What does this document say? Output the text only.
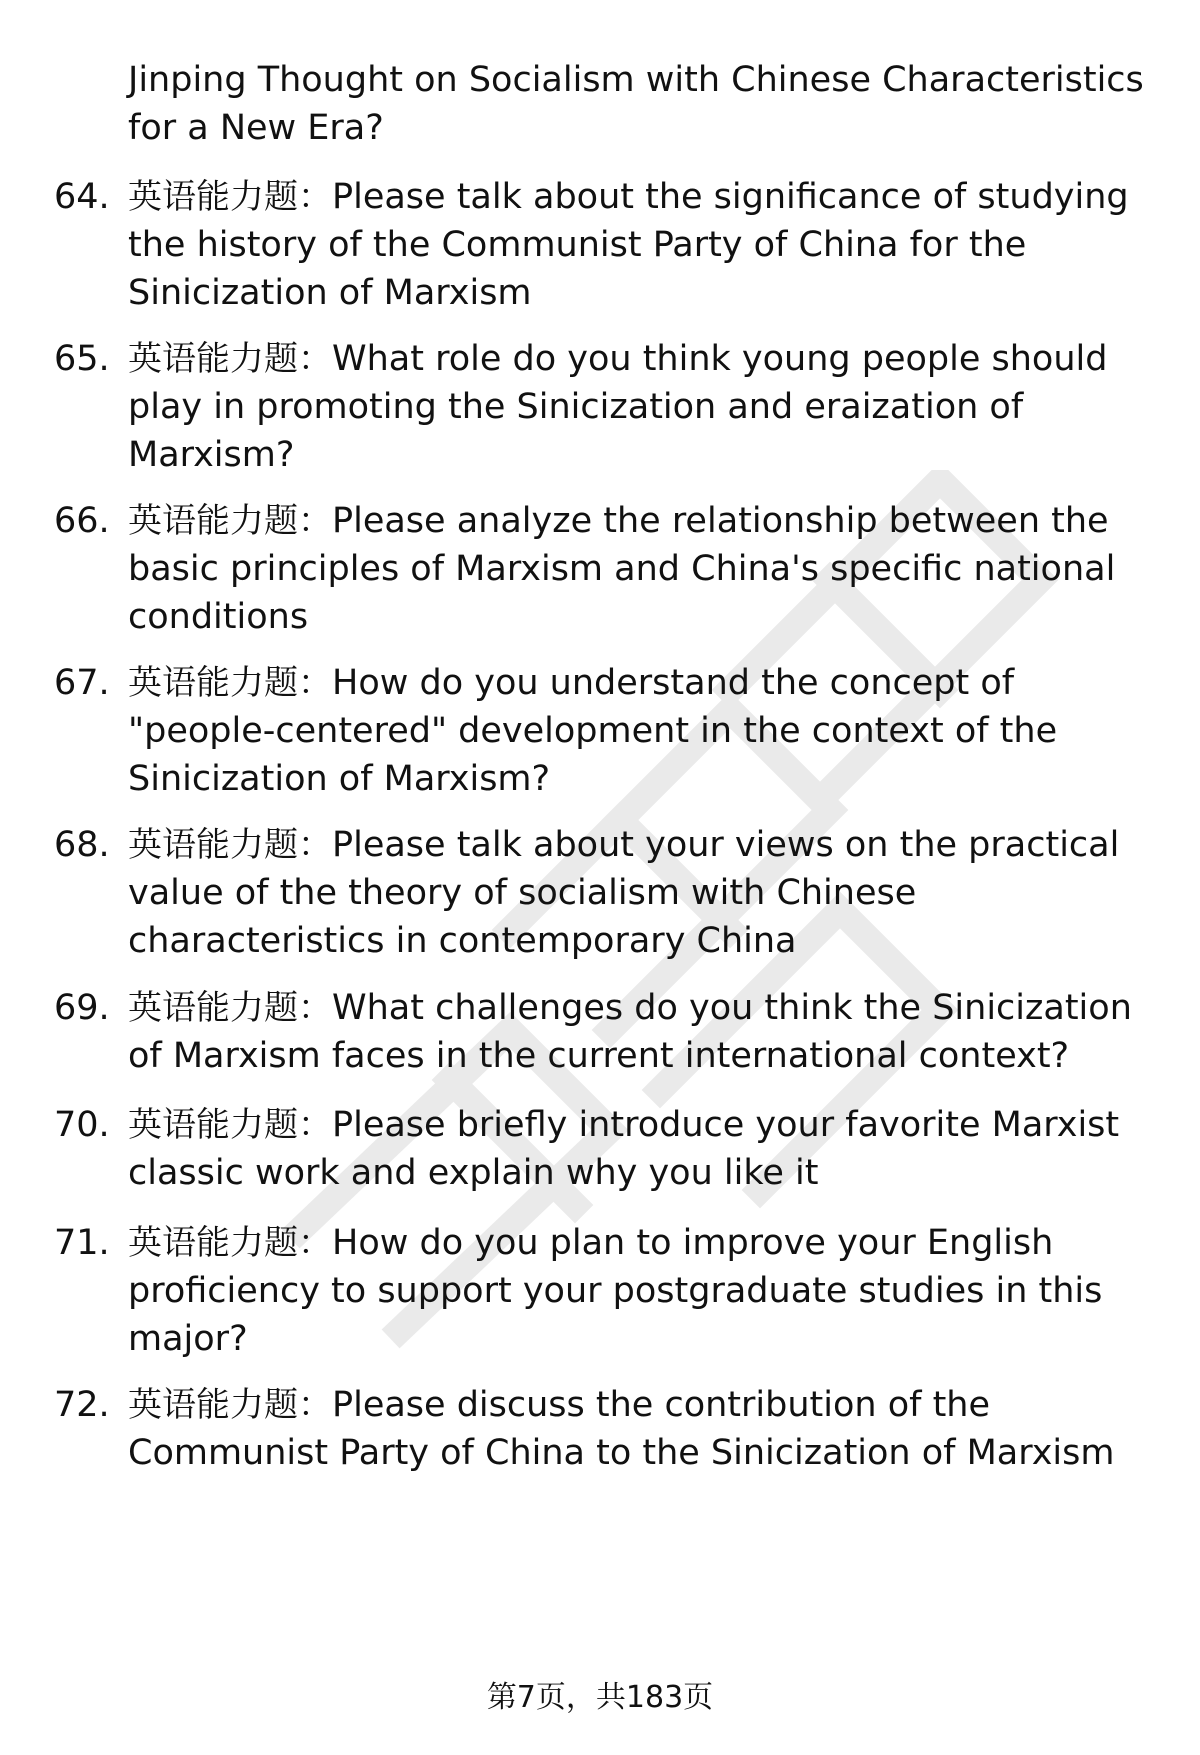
Jinping Thought on Socialism with Chinese Characteristics for a New Era?
64. 英语能力题：Please talk about the significance of studying the history of the Communist Party of China for the Sinicization of Marxism
65. 英语能力题：What role do you think young people should play in promoting the Sinicization and eraization of Marxism?
66. 英语能力题：Please analyze the relationship between the basic principles of Marxism and China's specific national conditions
67. 英语能力题：How do you understand the concept of "people-centered" development in the context of the Sinicization of Marxism?
68. 英语能力题：Please talk about your views on the practical value of the theory of socialism with Chinese characteristics in contemporary China
69. 英语能力题：What challenges do you think the Sinicization of Marxism faces in the current international context?
70. 英语能力题：Please briefly introduce your favorite Marxist classic work and explain why you like it
71. 英语能力题：How do you plan to improve your English proficiency to support your postgraduate studies in this major?
72. 英语能力题：Please discuss the contribution of the Communist Party of China to the Sinicization of Marxism
第7页，共183页
